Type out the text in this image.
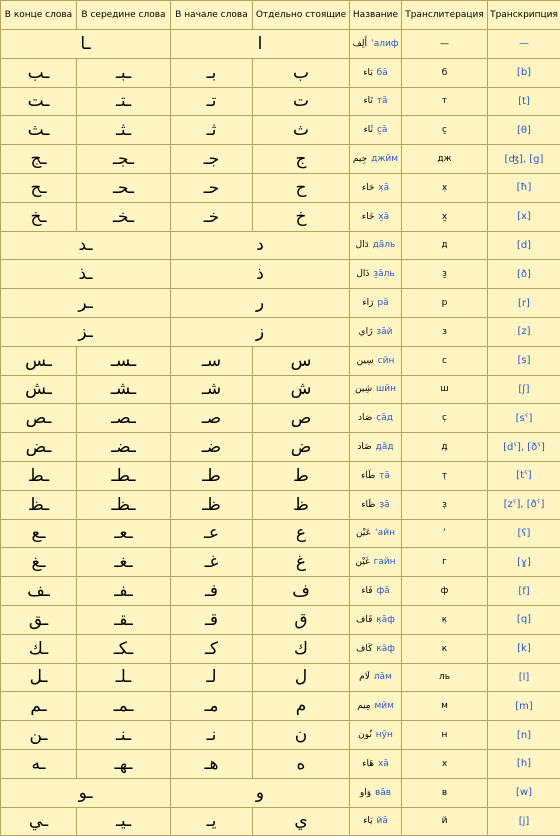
В конце слова	В середине слова	В начале слова	Отдельно стоящие	Название	Транслитерация	Транскрипция
ـا		ا		أَلِف ʼалиф	—	—
ـب	ـبـ	بـ	ب	بَاء бā	б	[b]
ـت	ـتـ	تـ	ت	تَاء тā	т	[t]
ـث	ـثـ	ثـ	ث	ثَاء с̱ā	с̱	[θ]
ـج	ـجـ	جـ	ج	جِيم джӣм	дж	[ʤ], [g]
ـح	ـحـ	حـ	ح	حَاء х̣ā	х̣	[ħ]
ـخ	ـخـ	خـ	خ	خَاء х̮ā	х̮	[x]
ـد		د		دَال дāль	д	[d]
ـذ		ذ		ذَال з̱āль	з̱	[ð]
ـر		ر		رَاء рā	р	[r]
ـز		ز		زَاي зāй	з	[z]
ـس	ـسـ	سـ	س	سِين сӣн	с	[s]
ـش	ـشـ	شـ	ش	شِين шӣн	ш	[ʃ]
ـص	ـصـ	صـ	ص	صَاد с̣āд	с̣	[sˤ]
ـض	ـضـ	ضـ	ض	ضَاد д̣āд	д̣	[dˤ], [ðˤ]
ـط	ـطـ	طـ	ط	طَاء т̣ā	т̣	[tˤ]
ـظ	ـظـ	ظـ	ظ	ظَاء з̣ā	з̣	[zˤ], [ðˤ]
ـع	ـعـ	عـ	ع	عَيْن ʻайн	ʻ	[ʕ]
ـغ	ـغـ	غـ	غ	غَيْن гайн	г	[ɣ]
ـف	ـفـ	فـ	ف	فَاء фā	ф	[f]
ـق	ـقـ	قـ	ق	قَاف к̣āф	к̣	[q]
ـك	ـكـ	كـ	ك	كَاف кāф	к	[k]
ـل	ـلـ	لـ	ل	لَام лāм	ль	[l]
ـم	ـمـ	مـ	م	مِيم мӣм	м	[m]
ـن	ـنـ	نـ	ن	نُون нӯн	н	[n]
ـه	ـهـ	هـ	ه	هَاء хā	х	[h]
ـو		و		وَاو вāв	в	[w]
ـي	ـيـ	يـ	ي	يَاء йā	й	[j]
